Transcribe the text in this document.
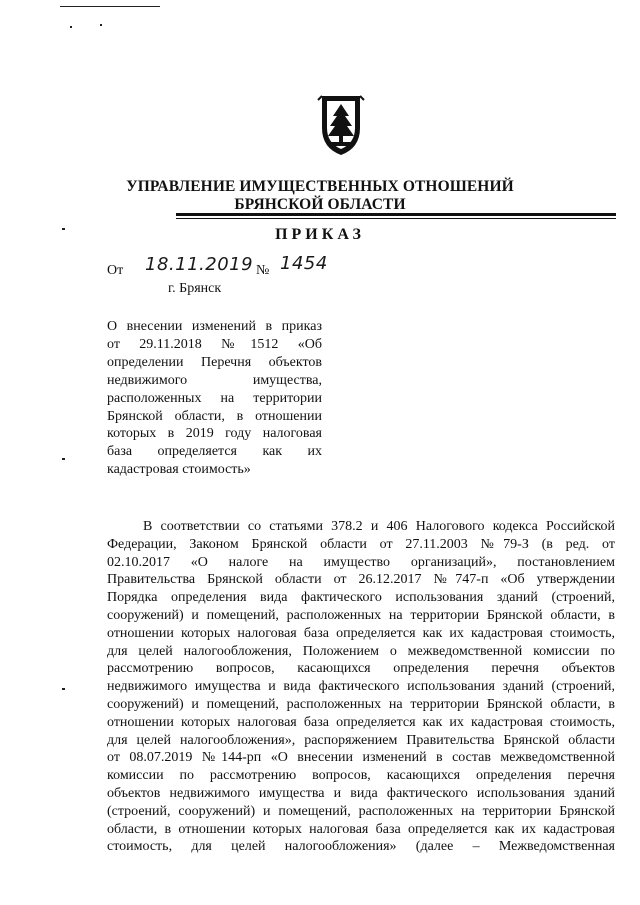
УПРАВЛЕНИЕ ИМУЩЕСТВЕННЫХ ОТНОШЕНИЙ
БРЯНСКОЙ ОБЛАСТИ
ПРИКАЗ
От 18.11.2019 № 1454
г. Брянск
О внесении изменений в приказ
от 29.11.2018 №1512 «Об
определении Перечня объектов
недвижимого имущества,
расположенных на территории
Брянской области, в отношении
которых в 2019 году налоговая
база определяется как их
кадастровая стоимость»
В соответствии со статьями 378.2 и 406 Налогового кодекса Российской
Федерации, Законом Брянской области от 27.11.2003 №79-З (в ред. от
02.10.2017 «О налоге на имущество организаций», постановлением
Правительства Брянской области от 26.12.2017 №747-п «Об утверждении
Порядка определения вида фактического использования зданий (строений,
сооружений) и помещений, расположенных на территории Брянской области, в
отношении которых налоговая база определяется как их кадастровая стоимость,
для целей налогообложения, Положением о межведомственной комиссии по
рассмотрению вопросов, касающихся определения перечня объектов
недвижимого имущества и вида фактического использования зданий (строений,
сооружений) и помещений, расположенных на территории Брянской области, в
отношении которых налоговая база определяется как их кадастровая стоимость,
для целей налогообложения», распоряжением Правительства Брянской области
от 08.07.2019 №144-рп «О внесении изменений в состав межведомственной
комиссии по рассмотрению вопросов, касающихся определения перечня
объектов недвижимого имущества и вида фактического использования зданий
(строений, сооружений) и помещений, расположенных на территории Брянской
области, в отношении которых налоговая база определяется как их кадастровая
стоимость, для целей налогообложения» (далее – Межведомственная
